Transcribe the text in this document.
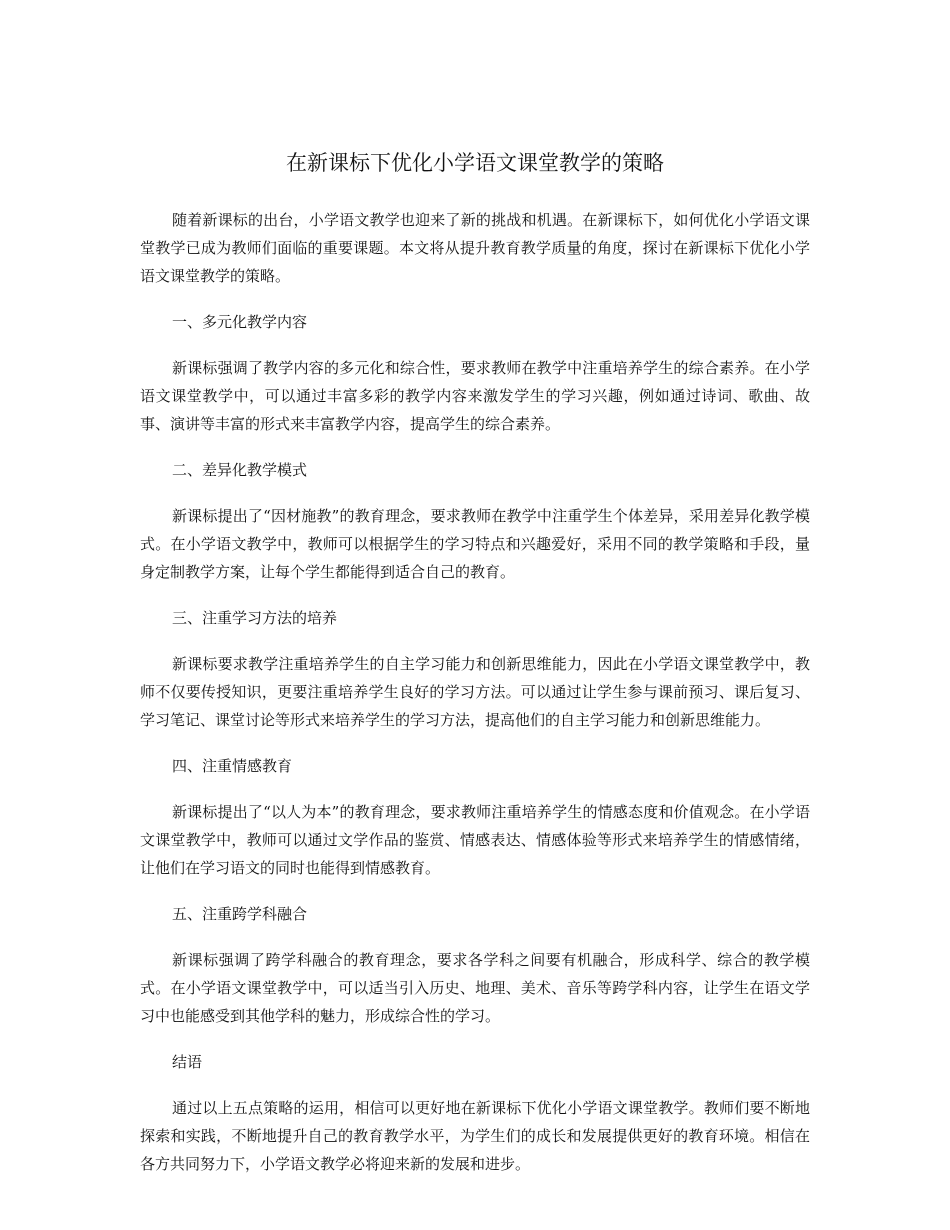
在新课标下优化小学语文课堂教学的策略

随着新课标的出台，小学语文教学也迎来了新的挑战和机遇。在新课标下，如何优化小学语文课堂教学已成为教师们面临的重要课题。本文将从提升教育教学质量的角度，探讨在新课标下优化小学语文课堂教学的策略。

一、多元化教学内容

新课标强调了教学内容的多元化和综合性，要求教师在教学中注重培养学生的综合素养。在小学语文课堂教学中，可以通过丰富多彩的教学内容来激发学生的学习兴趣，例如通过诗词、歌曲、故事、演讲等丰富的形式来丰富教学内容，提高学生的综合素养。

二、差异化教学模式

新课标提出了“因材施教”的教育理念，要求教师在教学中注重学生个体差异，采用差异化教学模式。在小学语文教学中，教师可以根据学生的学习特点和兴趣爱好，采用不同的教学策略和手段，量身定制教学方案，让每个学生都能得到适合自己的教育。

三、注重学习方法的培养

新课标要求教学注重培养学生的自主学习能力和创新思维能力，因此在小学语文课堂教学中，教师不仅要传授知识，更要注重培养学生良好的学习方法。可以通过让学生参与课前预习、课后复习、学习笔记、课堂讨论等形式来培养学生的学习方法，提高他们的自主学习能力和创新思维能力。

四、注重情感教育

新课标提出了“以人为本”的教育理念，要求教师注重培养学生的情感态度和价值观念。在小学语文课堂教学中，教师可以通过文学作品的鉴赏、情感表达、情感体验等形式来培养学生的情感情绪，让他们在学习语文的同时也能得到情感教育。

五、注重跨学科融合

新课标强调了跨学科融合的教育理念，要求各学科之间要有机融合，形成科学、综合的教学模式。在小学语文课堂教学中，可以适当引入历史、地理、美术、音乐等跨学科内容，让学生在语文学习中也能感受到其他学科的魅力，形成综合性的学习。

结语

通过以上五点策略的运用，相信可以更好地在新课标下优化小学语文课堂教学。教师们要不断地探索和实践，不断地提升自己的教育教学水平，为学生们的成长和发展提供更好的教育环境。相信在各方共同努力下，小学语文教学必将迎来新的发展和进步。
